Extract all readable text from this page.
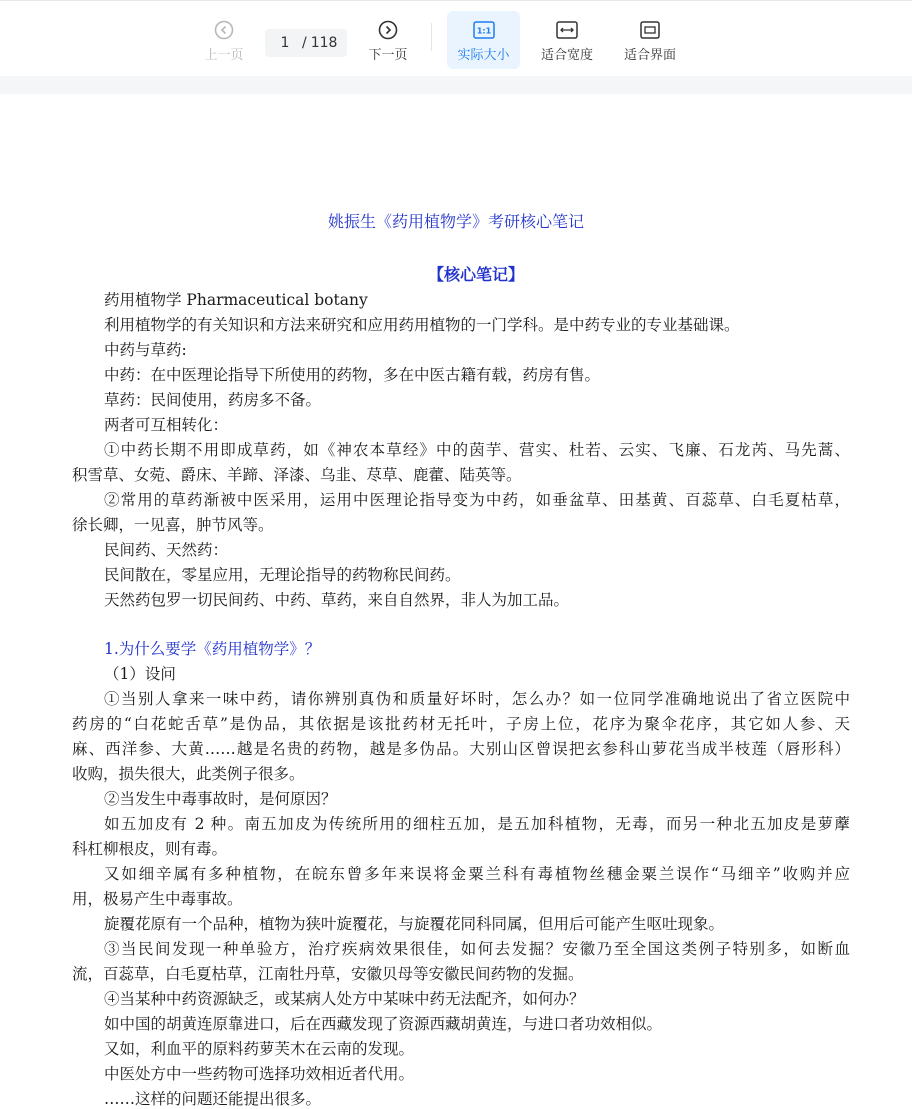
上一页
1
/ 118
下一页
1:1
实际大小 适合宽度 适合界面
姚振生《药用植物学》考研核心笔记
【核心笔记】
药用植物学 Pharmaceutical botany
利用植物学的有关知识和方法来研究和应用药用植物的一门学科。是中药专业的专业基础课。
中药与草药:
中药：在中医理论指导下所使用的药物，多在中医古籍有载，药房有售。
草药：民间使用，药房多不备。
两者可互相转化：
①中药长期不用即成草药，如《神农本草经》中的茵芋、营实、杜若、云实、飞廉、石龙芮、马先蒿、
积雪草、女菀、爵床、羊蹄、泽漆、乌韭、荩草、鹿藿、陆英等。
②常用的草药渐被中医采用，运用中医理论指导变为中药，如垂盆草、田基黄、百蕊草、白毛夏枯草，
徐长卿，一见喜，肿节风等。
民间药、天然药：
民间散在，零星应用，无理论指导的药物称民间药。
天然药包罗一切民间药、中药、草药，来自自然界，非人为加工品。
1.为什么要学《药用植物学》？
（1）设问
①当别人拿来一味中药，请你辨别真伪和质量好坏时，怎么办？如一位同学准确地说出了省立医院中
药房的“白花蛇舌草”是伪品，其依据是该批药材无托叶，子房上位，花序为聚伞花序，其它如人参、天
麻、西洋参、大黄……越是名贵的药物，越是多伪品。大别山区曾误把玄参科山萝花当成半枝莲（唇形科）
收购，损失很大，此类例子很多。
②当发生中毒事故时，是何原因？
如五加皮有 2 种。南五加皮为传统所用的细柱五加，是五加科植物，无毒，而另一种北五加皮是萝藦
科杠柳根皮，则有毒。
又如细辛属有多种植物，在皖东曾多年来误将金粟兰科有毒植物丝穗金粟兰误作“马细辛”收购并应
用，极易产生中毒事故。
旋覆花原有一个品种，植物为狭叶旋覆花，与旋覆花同科同属，但用后可能产生呕吐现象。
③当民间发现一种单验方，治疗疾病效果很佳，如何去发掘？安徽乃至全国这类例子特别多，如断血
流，百蕊草，白毛夏枯草，江南牡丹草，安徽贝母等安徽民间药物的发掘。
④当某种中药资源缺乏，或某病人处方中某味中药无法配齐，如何办？
如中国的胡黄连原靠进口，后在西藏发现了资源西藏胡黄连，与进口者功效相似。
又如，利血平的原料药萝芙木在云南的发现。
中医处方中一些药物可选择功效相近者代用。
……这样的问题还能提出很多。
